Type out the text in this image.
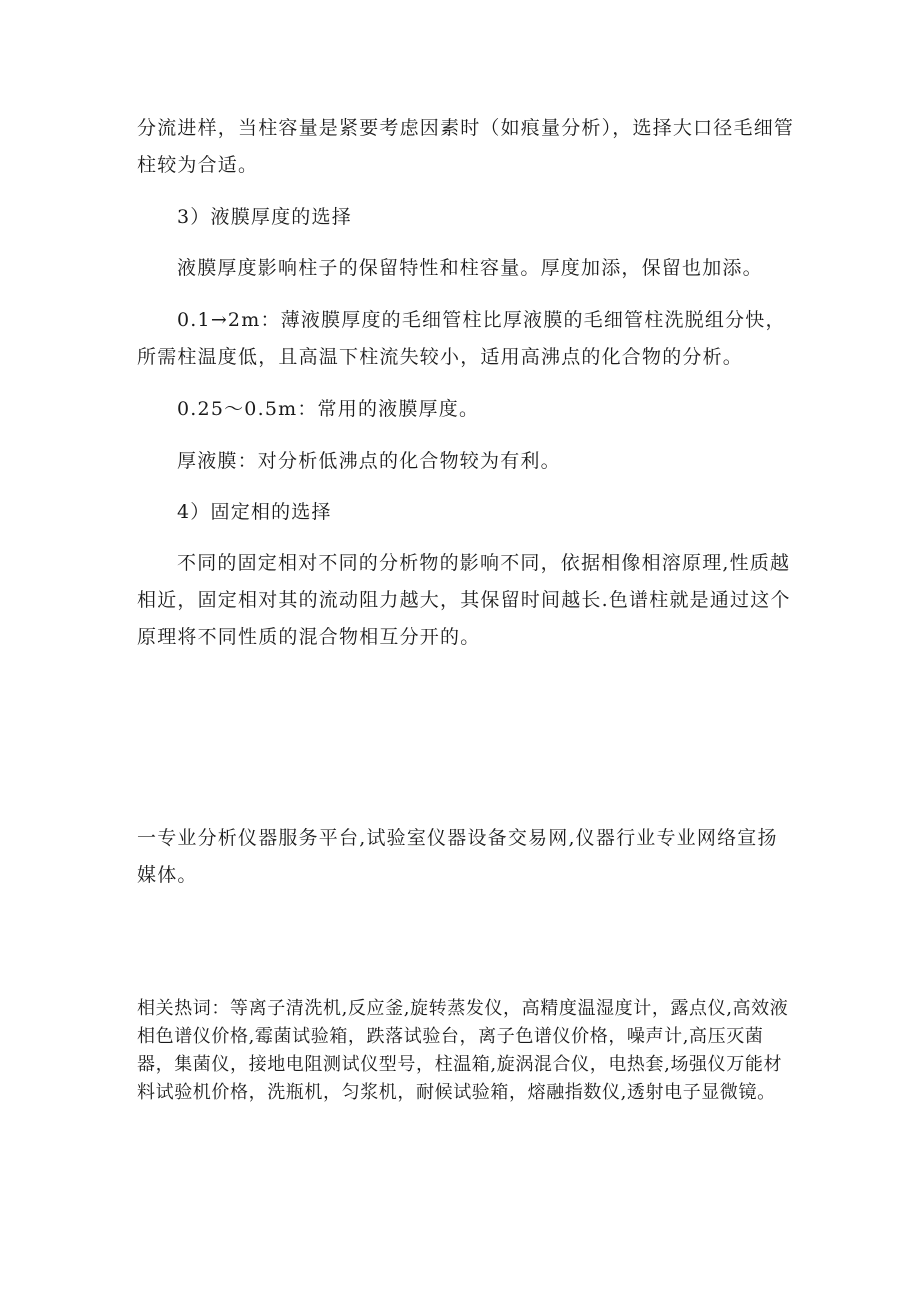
分流进样，当柱容量是紧要考虑因素时（如痕量分析），选择大口径毛细管柱较为合适。

3）液膜厚度的选择

液膜厚度影响柱子的保留特性和柱容量。厚度加添，保留也加添。

0.1→2m：薄液膜厚度的毛细管柱比厚液膜的毛细管柱洗脱组分快，所需柱温度低，且高温下柱流失较小，适用高沸点的化合物的分析。

0.25～0.5m：常用的液膜厚度。

厚液膜：对分析低沸点的化合物较为有利。

4）固定相的选择

不同的固定相对不同的分析物的影响不同，依据相像相溶原理,性质越相近，固定相对其的流动阻力越大，其保留时间越长.色谱柱就是通过这个原理将不同性质的混合物相互分开的。

一专业分析仪器服务平台,试验室仪器设备交易网,仪器行业专业网络宣扬媒体。

相关热词：等离子清洗机,反应釜,旋转蒸发仪，高精度温湿度计，露点仪,高效液相色谱仪价格,霉菌试验箱，跌落试验台，离子色谱仪价格，噪声计,高压灭菌器，集菌仪，接地电阻测试仪型号，柱温箱,旋涡混合仪，电热套,场强仪万能材料试验机价格，洗瓶机，匀浆机，耐候试验箱，熔融指数仪,透射电子显微镜。
